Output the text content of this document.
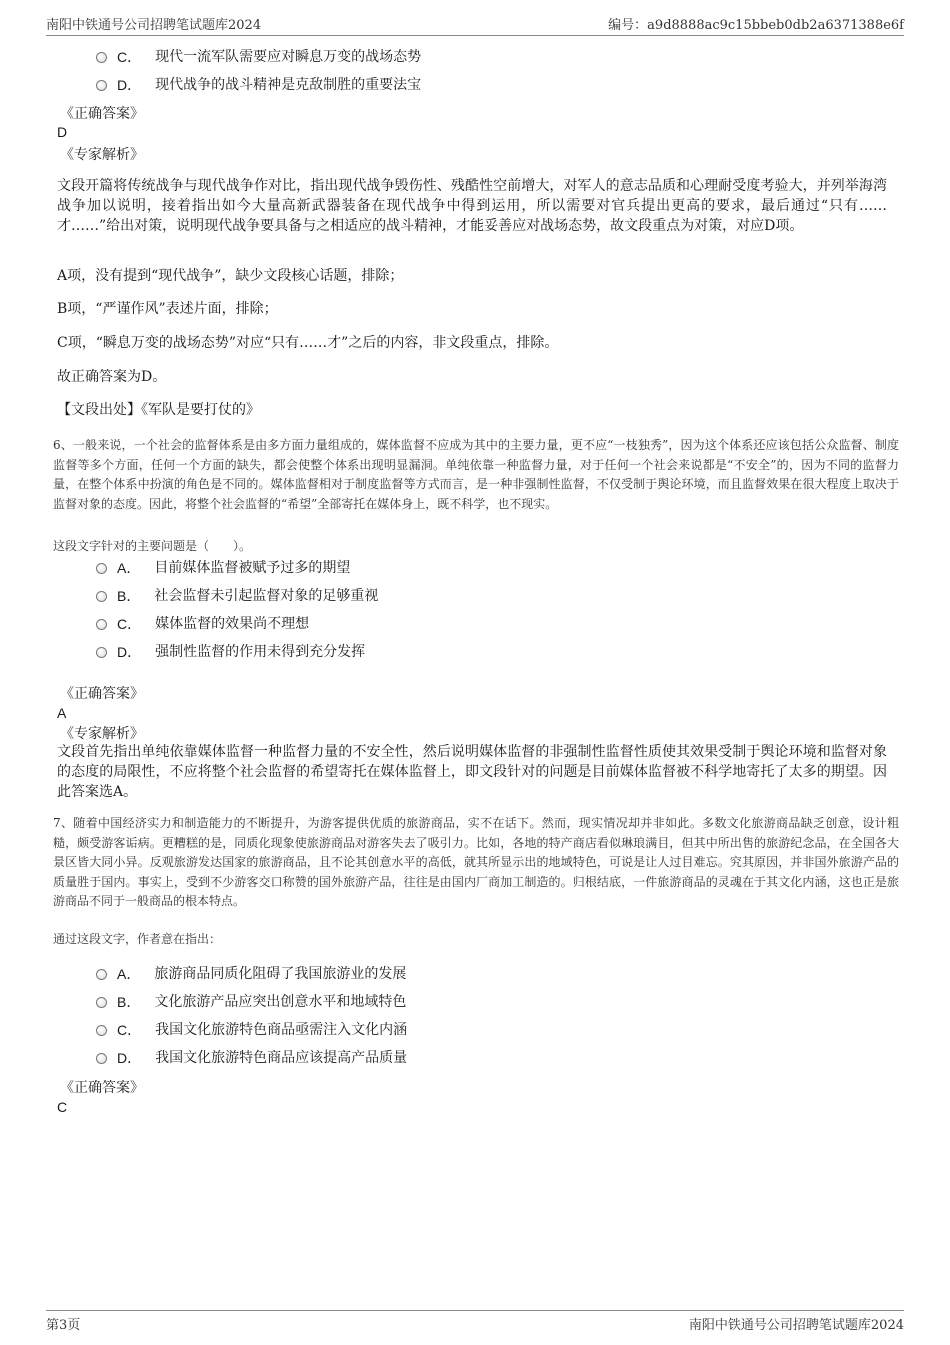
南阳中铁通号公司招聘笔试题库2024	编号：a9d8888ac9c15bbeb0db2a6371388e6f
C． 现代一流军队需要应对瞬息万变的战场态势
D． 现代战争的战斗精神是克敌制胜的重要法宝
《正确答案》
D
《专家解析》
文段开篇将传统战争与现代战争作对比，指出现代战争毁伤性、残酷性空前增大，对军人的意志品质和心理耐受度考验大，并列举海湾战争加以说明，接着指出如今大量高新武器装备在现代战争中得到运用，所以需要对官兵提出更高的要求，最后通过“只有……才……”给出对策，说明现代战争要具备与之相适应的战斗精神，才能妥善应对战场态势，故文段重点为对策，对应D项。
A项，没有提到“现代战争”，缺少文段核心话题，排除；
B项，“严谨作风”表述片面，排除；
C项，“瞬息万变的战场态势”对应“只有……才”之后的内容，非文段重点，排除。
故正确答案为D。
【文段出处】《军队是要打仗的》
6、一般来说，一个社会的监督体系是由多方面力量组成的，媒体监督不应成为其中的主要力量，更不应“一枝独秀”，因为这个体系还应该包括公众监督、制度监督等多个方面，任何一个方面的缺失，都会使整个体系出现明显漏洞。单纯依靠一种监督力量，对于任何一个社会来说都是“不安全”的，因为不同的监督力量，在整个体系中扮演的角色是不同的。媒体监督相对于制度监督等方式而言，是一种非强制性监督，不仅受制于舆论环境，而且监督效果在很大程度上取决于监督对象的态度。因此，将整个社会监督的“希望”全部寄托在媒体身上，既不科学，也不现实。
这段文字针对的主要问题是（　　）。
A． 目前媒体监督被赋予过多的期望
B． 社会监督未引起监督对象的足够重视
C． 媒体监督的效果尚不理想
D． 强制性监督的作用未得到充分发挥
《正确答案》
A
《专家解析》
文段首先指出单纯依靠媒体监督一种监督力量的不安全性，然后说明媒体监督的非强制性监督性质使其效果受制于舆论环境和监督对象的态度的局限性，不应将整个社会监督的希望寄托在媒体监督上，即文段针对的问题是目前媒体监督被不科学地寄托了太多的期望。因此答案选A。
7、随着中国经济实力和制造能力的不断提升，为游客提供优质的旅游商品，实不在话下。然而，现实情况却并非如此。多数文化旅游商品缺乏创意，设计粗糙，颇受游客诟病。更糟糕的是，同质化现象使旅游商品对游客失去了吸引力。比如，各地的特产商店看似琳琅满目，但其中所出售的旅游纪念品，在全国各大景区皆大同小异。反观旅游发达国家的旅游商品，且不论其创意水平的高低，就其所显示出的地域特色，可说是让人过目难忘。究其原因，并非国外旅游产品的质量胜于国内。事实上，受到不少游客交口称赞的国外旅游产品，往往是由国内厂商加工制造的。归根结底，一件旅游商品的灵魂在于其文化内涵，这也正是旅游商品不同于一般商品的根本特点。
通过这段文字，作者意在指出：
A． 旅游商品同质化阻碍了我国旅游业的发展
B． 文化旅游产品应突出创意水平和地域特色
C． 我国文化旅游特色商品亟需注入文化内涵
D． 我国文化旅游特色商品应该提高产品质量
《正确答案》
C
第3页	南阳中铁通号公司招聘笔试题库2024
